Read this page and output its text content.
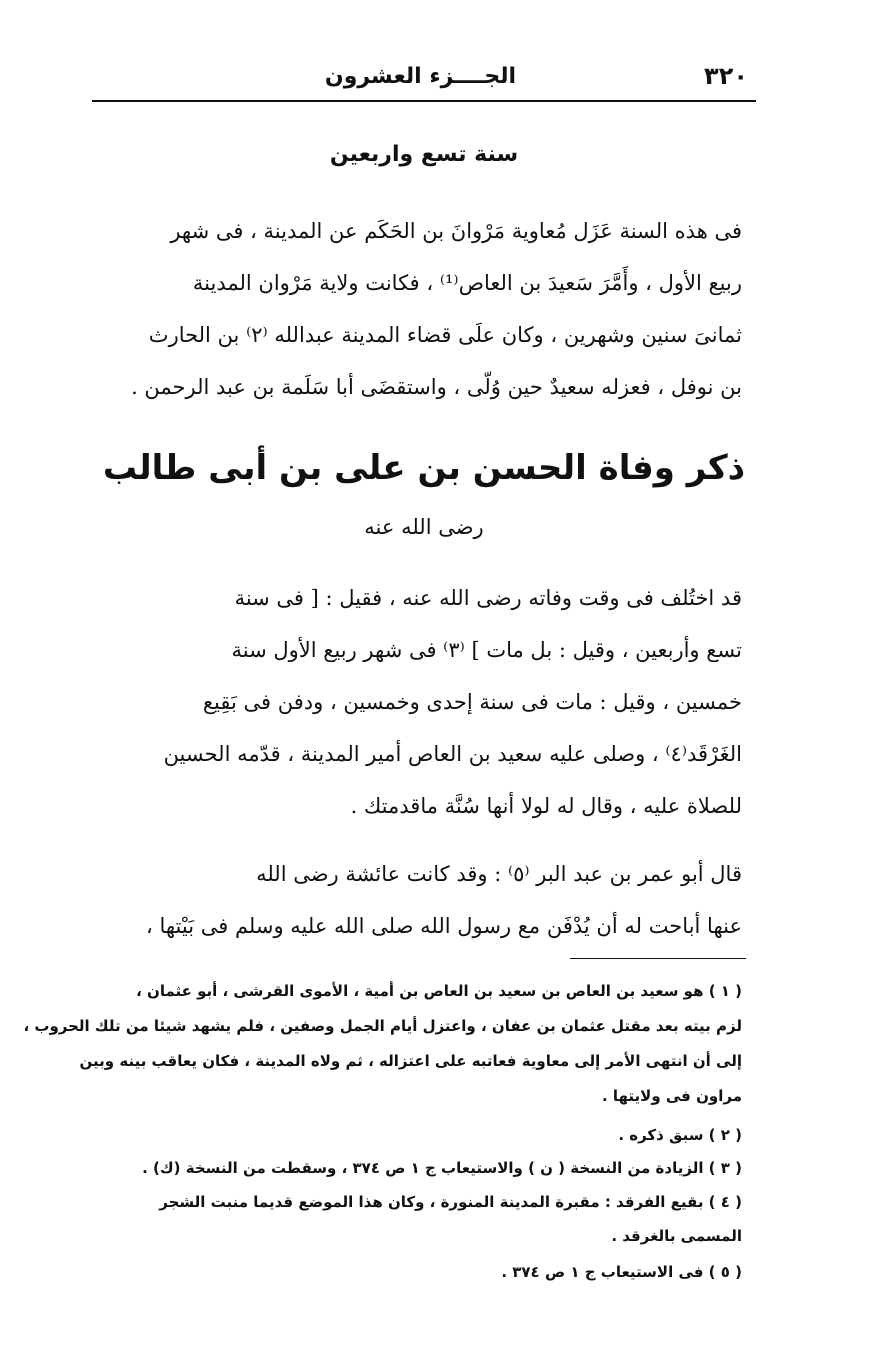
٣٢٠
الجــــزء العشرون
سنة تسع واربعين
فى هذه السنة عَزَل مُعاوية مَرْوانَ بن الحَكَم عن المدينة ، فى شهر
ربيع الأول ، وأَمَّرَ سَعيدَ بن العاص⁽¹⁾ ، فكانت ولاية مَرْوان المدينة
ثمانىَ سنين وشهرين ، وكان علَى قضاء المدينة عبدالله ⁽٢⁾ بن الحارث
بن نوفل ، فعزله سعيدٌ حين وُلّى ، واستقضَى أبا سَلَمة بن عبد الرحمن .
ذكر وفاة الحسن بن على بن أبى طالب
رضى الله عنه
قد اختُلف فى وقت وفاته رضى الله عنه ، فقيل : [ فى سنة
تسع وأربعين ، وقيل : بل مات ] ⁽٣⁾ فى شهر ربيع الأول سنة
خمسين ، وقيل : مات فى سنة إحدى وخمسين ، ودفن فى بَقِيع
الغَرْقَد⁽٤⁾ ، وصلى عليه سعيد بن العاص أمير المدينة ، قدّمه الحسين
للصلاة عليه ، وقال له لولا أنها سُنَّة ماقدمتك .
قال أبو عمر بن عبد البر ⁽٥⁾ : وقد كانت عائشة رضى الله
عنها أباحت له أن يُدْفَن مع رسول الله صلى الله عليه وسلم فى بَيْتها ،
( ١ ) هو سعيد بن العاص بن سعيد بن العاص بن أمية ، الأموى القرشى ، أبو عثمان ،
لزم بيته بعد مقتل عثمان بن عفان ، واعتزل أيام الجمل وصفين ، فلم يشهد شيئا من تلك الحروب ،
إلى أن انتهى الأمر إلى معاوية فعاتبه على اعتزاله ، ثم ولاه المدينة ، فكان يعاقب بينه وبين
مراون فى ولايتها .
( ٢ ) سبق ذكره .
( ٣ ) الزيادة من النسخة ( ن ) والاستيعاب ج ١ ص ٣٧٤ ، وسقطت من النسخة (ك) .
( ٤ ) بقيع الفرقد : مقبرة المدينة المنورة ، وكان هذا الموضع قديما منبت الشجر
المسمى بالغرقد .
( ٥ ) فى الاستيعاب ج ١ ص ٣٧٤ .
